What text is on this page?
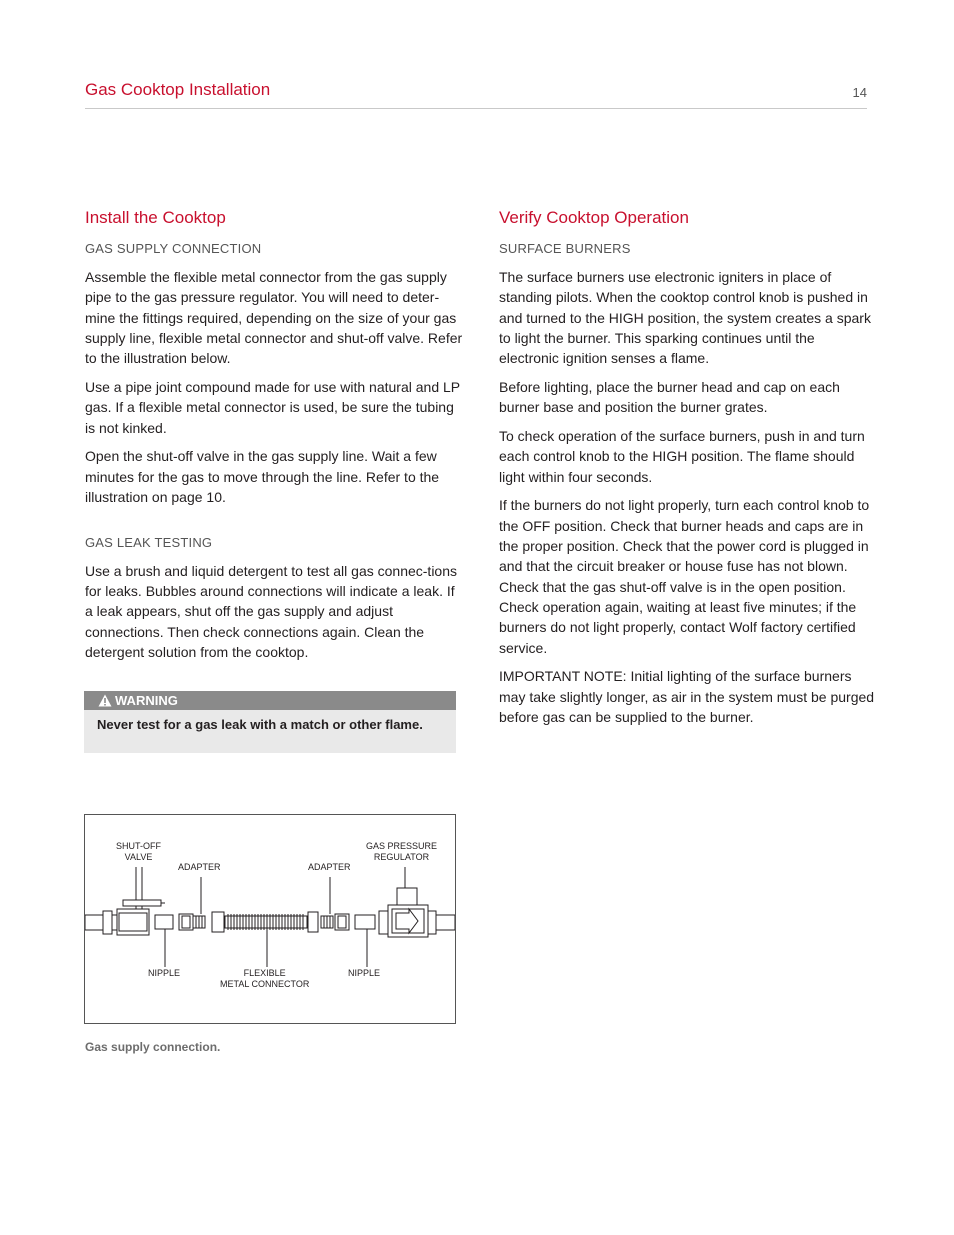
Gas Cooktop Installation	14
Install the Cooktop
GAS SUPPLY CONNECTION

Assemble the flexible metal connector from the gas supply pipe to the gas pressure regulator. You will need to deter-mine the fittings required, depending on the size of your gas supply line, flexible metal connector and shut-off valve. Refer to the illustration below.

Use a pipe joint compound made for use with natural and LP gas. If a flexible metal connector is used, be sure the tubing is not kinked.

Open the shut-off valve in the gas supply line. Wait a few minutes for the gas to move through the line. Refer to the illustration on page 10.

GAS LEAK TESTING

Use a brush and liquid detergent to test all gas connec-tions for leaks. Bubbles around connections will indicate a leak. If a leak appears, shut off the gas supply and adjust connections. Then check connections again. Clean the detergent solution from the cooktop.

WARNING
Never test for a gas leak with a match or other flame.
SHUT-OFF
VALVE
ADAPTER	ADAPTER
GAS PRESSURE
REGULATOR
NIPPLE	FLEXIBLE
METAL CONNECTOR
NIPPLE
Gas supply connection.
Verify Cooktop Operation
SURFACE BURNERS

The surface burners use electronic igniters in place of standing pilots. When the cooktop control knob is pushed in and turned to the HIGH position, the system creates a spark to light the burner. This sparking continues until the electronic ignition senses a flame.

Before lighting, place the burner head and cap on each burner base and position the burner grates.

To check operation of the surface burners, push in and turn each control knob to the HIGH position. The flame should light within four seconds.

If the burners do not light properly, turn each control knob to the OFF position. Check that burner heads and caps are in the proper position. Check that the power cord is plugged in and that the circuit breaker or house fuse has not blown. Check that the gas shut-off valve is in the open position. Check operation again, waiting at least five minutes; if the burners do not light properly, contact Wolf factory certified service.

IMPORTANT NOTE: Initial lighting of the surface burners may take slightly longer, as air in the system must be purged before gas can be supplied to the burner.
